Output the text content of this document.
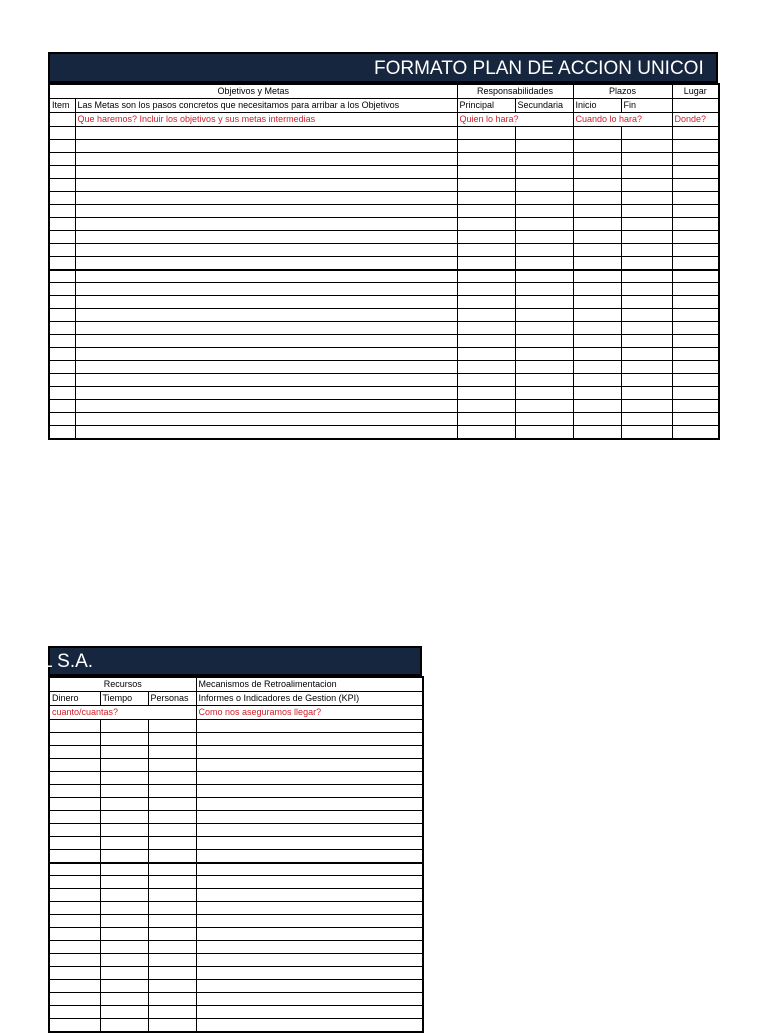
FORMATO PLAN DE ACCION UNICOI
Objetivos y Metas		Responsabilidades		Plazos		Lugar
Item	Las Metas son los pasos concretos que necesitamos para arribar a los Objetivos	Principal	Secundaria	Inicio	Fin	
	Que haremos? Incluir los objetivos y sus metas intermedias	Quien lo hara?		Cuando lo hara?		Donde?

L S.A.
Recursos			Mecanismos de Retroalimentacion
Dinero	Tiempo	Personas	Informes o Indicadores de Gestion (KPI)
cuanto/cuantas?			Como nos aseguramos llegar?
